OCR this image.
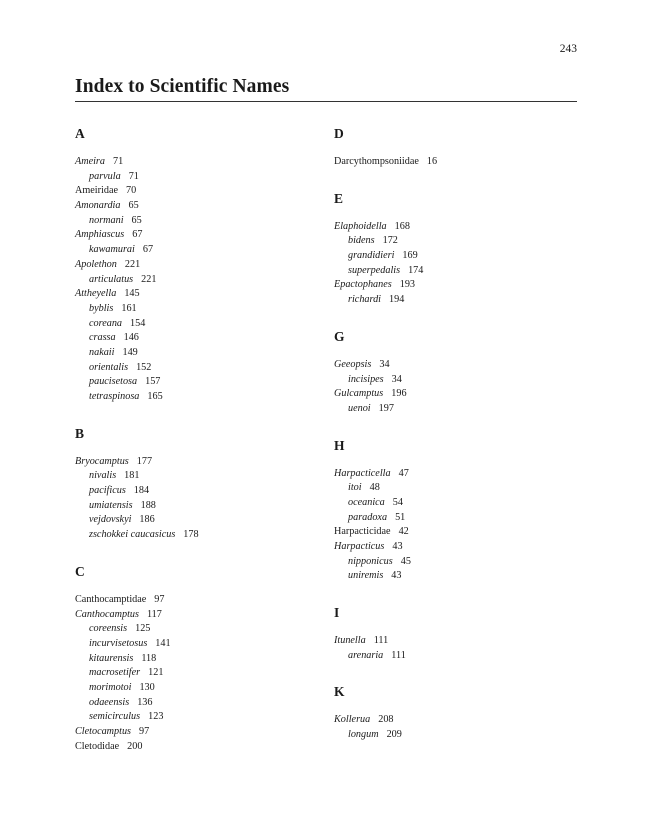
243
Index to Scientific Names
A
Ameira 71
parvula 71
Ameiridae 70
Amonardia 65
normani 65
Amphiascus 67
kawamurai 67
Apolethon 221
articulatus 221
Attheyella 145
byblis 161
coreana 154
crassa 146
nakaii 149
orientalis 152
paucisetosa 157
tetraspinosa 165
B
Bryocamptus 177
nivalis 181
pacificus 184
umiatensis 188
vejdovskyi 186
zschokkei caucasicus 178
C
Canthocamptidae 97
Canthocamptus 117
coreensis 125
incurvisetosus 141
kitaurensis 118
macrosetifer 121
morimotoi 130
odaeensis 136
semicirculus 123
Cletocamptus 97
Cletodidae 200
D
Darcythompsoniidae 16
E
Elaphoidella 168
bidens 172
grandidieri 169
superpedalis 174
Epactophanes 193
richardi 194
G
Geeopsis 34
incisipes 34
Gulcamptus 196
uenoi 197
H
Harpacticella 47
itoi 48
oceanica 54
paradoxa 51
Harpacticidae 42
Harpacticus 43
nipponicus 45
uniremis 43
I
Itunella 111
arenaria 111
K
Kollerua 208
longum 209
